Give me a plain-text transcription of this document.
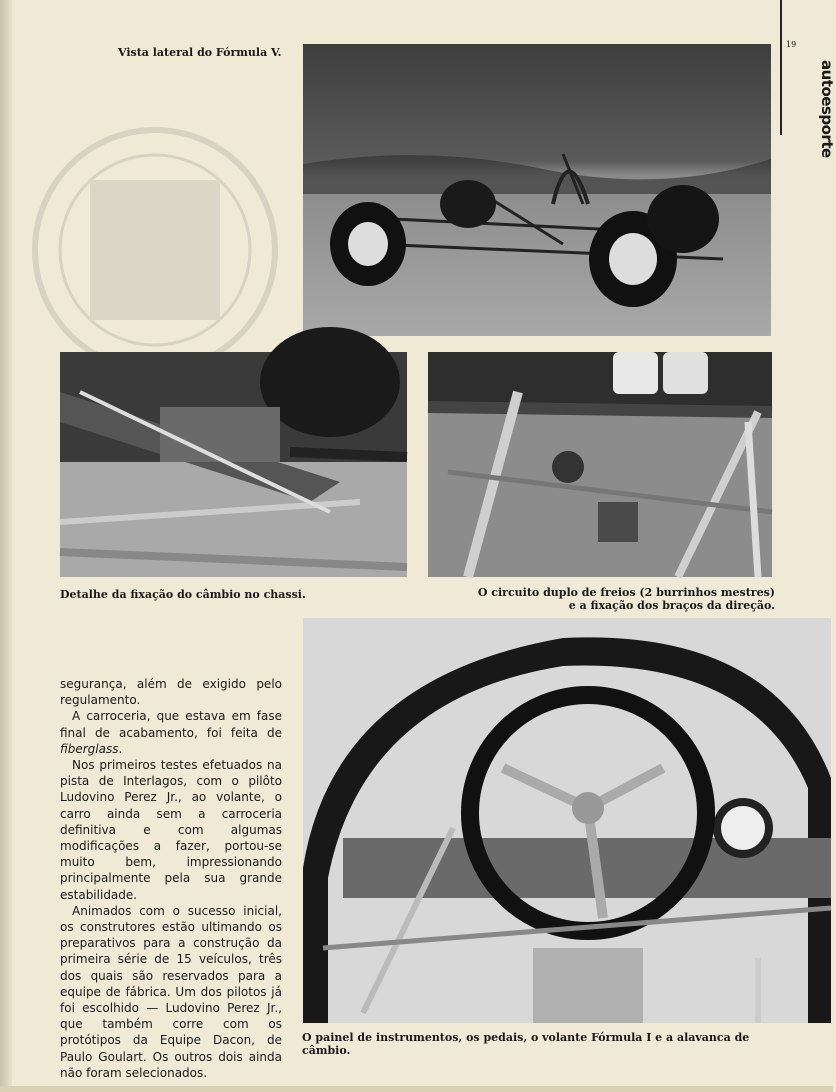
19
autoesporte
Vista lateral do Fórmula V.
Detalhe da fixação do câmbio no chassi.	O circuito duplo de freios (2 burrinhos mestres)
e a fixação dos braços da direção.

segurança, além de exigido pelo regulamento.

A carroceria, que estava em fase final de acabamento, foi feita de fiberglass.

Nos primeiros testes efetuados na pista de Interlagos, com o pilôto Ludovino Perez Jr., ao volante, o carro ainda sem a carroceria definitiva e com algumas modificações a fazer, portou-se muito bem, impressionando principalmente pela sua grande estabilidade.

Animados com o sucesso inicial, os construtores estão ultimando os preparativos para a construção da primeira série de 15 veículos, três dos quais são reservados para a equipe de fábrica. Um dos pilotos já foi escolhido — Ludovino Perez Jr., que também corre com os protótipos da Equipe Dacon, de Paulo Goulart. Os outros dois ainda não foram selecionados.

O painel de instrumentos, os pedais, o volante Fórmula I e a alavanca de câmbio.
